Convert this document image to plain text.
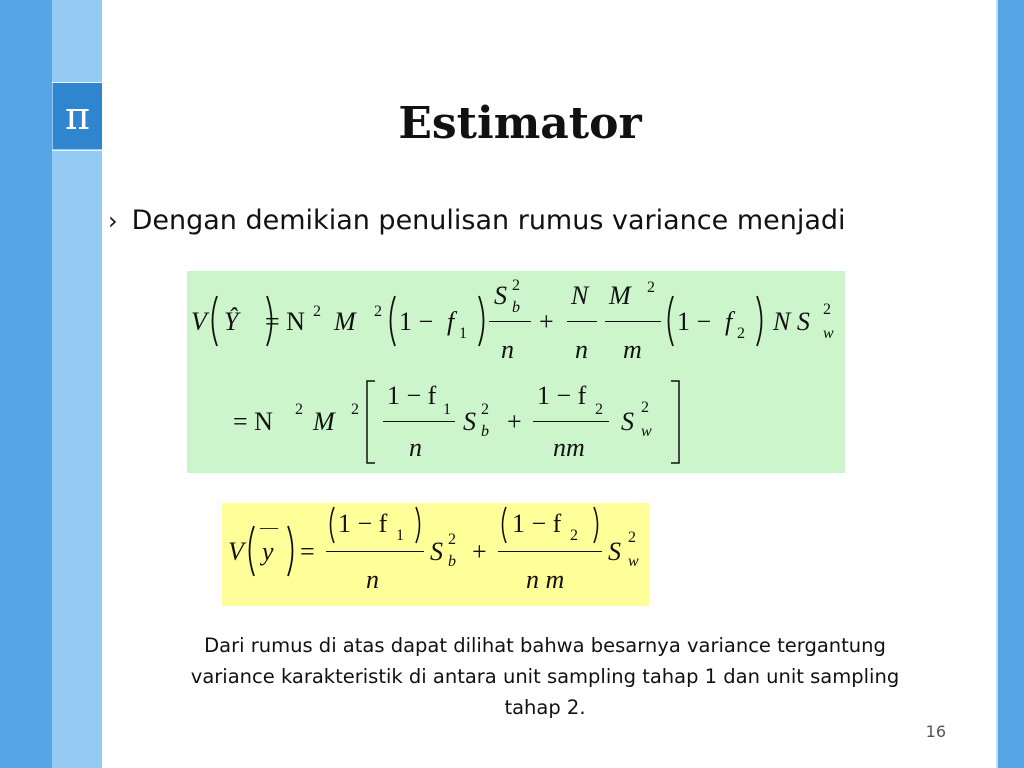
π	Estimator
› Dengan demikian penulisan rumus variance menjadi
V Ŷ = N 2 M 2 1 − f 1
S 2
b
n
+
N
n
M 2
m
1 − f 2 N S 2
w
= N 2 M 2 1 − f 1
n
S 2
b +
1 − f 2
nm
S 2
w
V
—
y =
1 − f 1
n
S 2
b +
1 − f 2
n m
S 2
w
Dari rumus di atas dapat dilihat bahwa besarnya variance tergantung variance karakteristik di antara unit sampling tahap 1 dan unit sampling tahap 2.
16
